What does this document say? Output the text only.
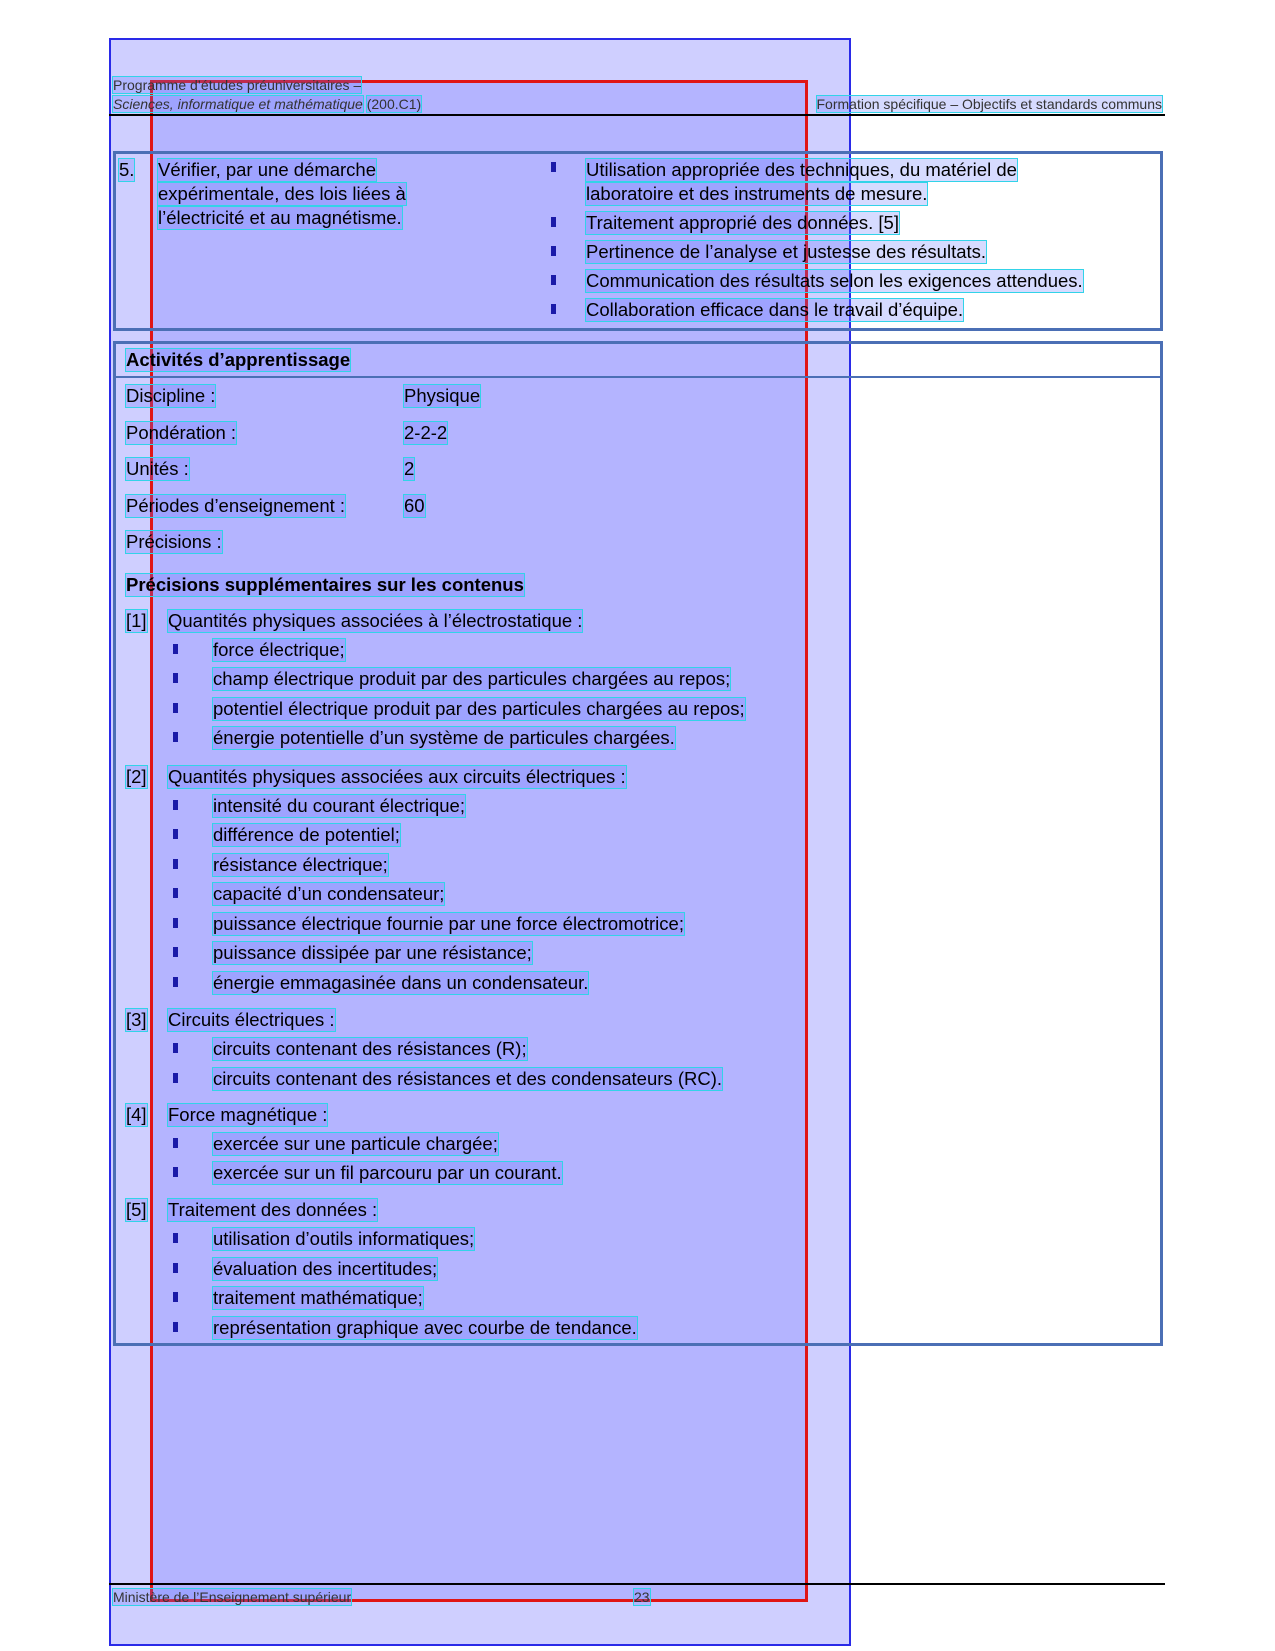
Programme d’études préuniversitaires –
Sciences, informatique et mathématique (200.C1)	Formation spécifique – Objectifs et standards communs
5. Vérifier, par une démarche
expérimentale, des lois liées à
l’électricité et au magnétisme.
Utilisation appropriée des techniques, du matériel de
laboratoire et des instruments de mesure.
Traitement approprié des données. [5]
Pertinence de l’analyse et justesse des résultats.
Communication des résultats selon les exigences attendues.
Collaboration efficace dans le travail d’équipe.
Activités d’apprentissage
Discipline :	Physique
Pondération :	2-2-2
Unités :	2
Périodes d’enseignement :	60
Précisions :
Précisions supplémentaires sur les contenus
[1] Quantités physiques associées à l’électrostatique :
force électrique;
champ électrique produit par des particules chargées au repos;
potentiel électrique produit par des particules chargées au repos;
énergie potentielle d’un système de particules chargées.
[2] Quantités physiques associées aux circuits électriques :
intensité du courant électrique;
différence de potentiel;
résistance électrique;
capacité d’un condensateur;
puissance électrique fournie par une force électromotrice;
puissance dissipée par une résistance;
énergie emmagasinée dans un condensateur.
[3] Circuits électriques :
circuits contenant des résistances (R);
circuits contenant des résistances et des condensateurs (RC).
[4] Force magnétique :
exercée sur une particule chargée;
exercée sur un fil parcouru par un courant.
[5] Traitement des données :
utilisation d’outils informatiques;
évaluation des incertitudes;
traitement mathématique;
représentation graphique avec courbe de tendance.
Ministère de l’Enseignement supérieur	23
